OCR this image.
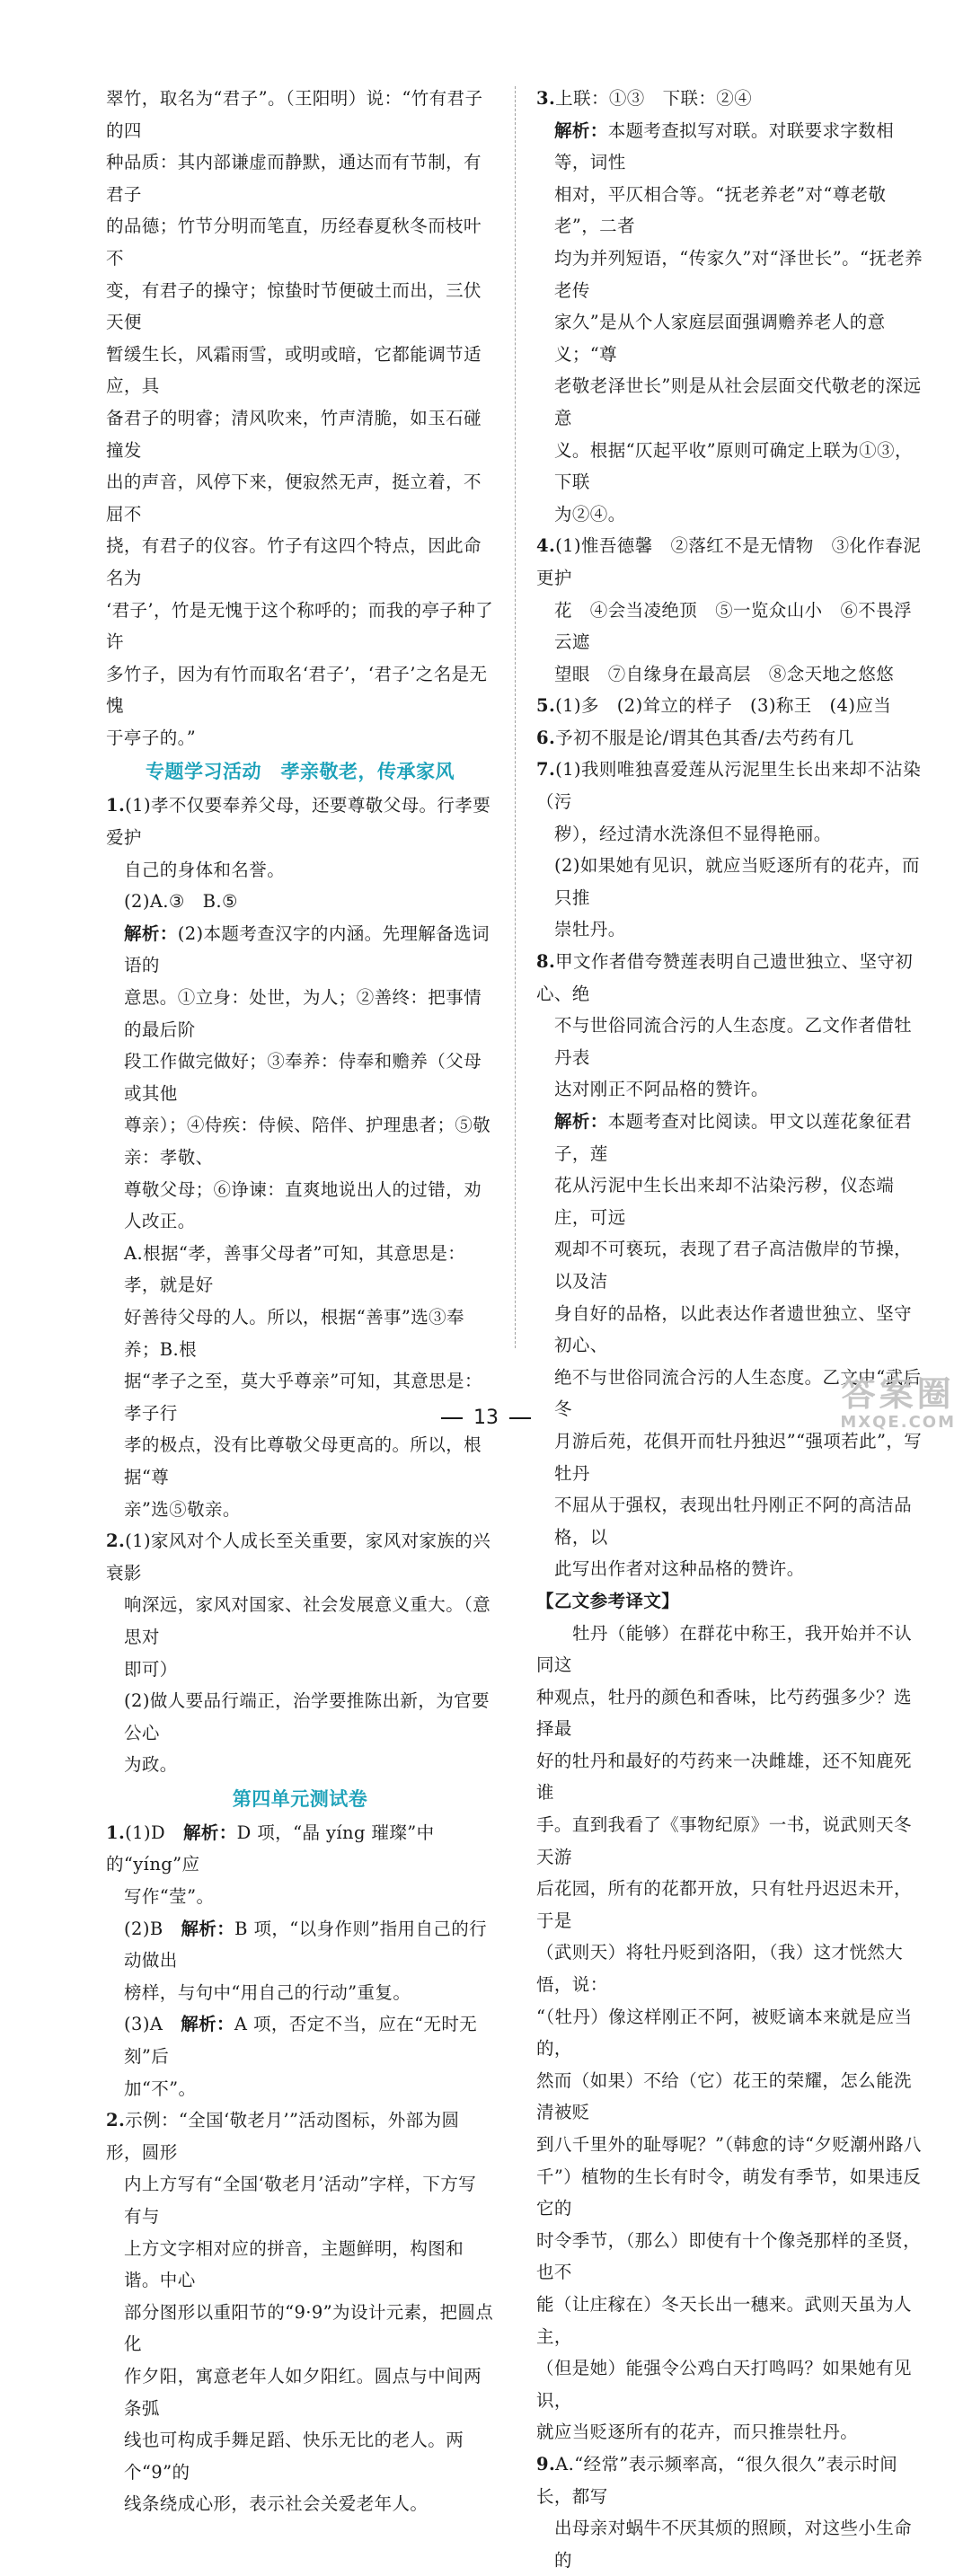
翠竹，取名为“君子”。（王阳明）说：“竹有君子的四

种品质：其内部谦虚而静默，通达而有节制，有君子

的品德；竹节分明而笔直，历经春夏秋冬而枝叶不

变，有君子的操守；惊蛰时节便破土而出，三伏天便

暂缓生长，风霜雨雪，或明或暗，它都能调节适应，具

备君子的明睿；清风吹来，竹声清脆，如玉石碰撞发

出的声音，风停下来，便寂然无声，挺立着，不屈不

挠，有君子的仪容。竹子有这四个特点，因此命名为

‘君子’，竹是无愧于这个称呼的；而我的亭子种了许

多竹子，因为有竹而取名‘君子’，‘君子’之名是无愧

于亭子的。”

专题学习活动　孝亲敬老，传承家风

1.(1)孝不仅要奉养父母，还要尊敬父母。行孝要爱护

自己的身体和名誉。

(2)A.③　B.⑤

解析：(2)本题考查汉字的内涵。先理解备选词语的

意思。①立身：处世，为人；②善终：把事情的最后阶

段工作做完做好；③奉养：侍奉和赡养（父母或其他

尊亲）；④侍疾：侍候、陪伴、护理患者；⑤敬亲：孝敬、

尊敬父母；⑥诤谏：直爽地说出人的过错，劝人改正。

A.根据“孝，善事父母者”可知，其意思是：孝，就是好

好善待父母的人。所以，根据“善事”选③奉养；B.根

据“孝子之至，莫大乎尊亲”可知，其意思是：孝子行

孝的极点，没有比尊敬父母更高的。所以，根据“尊

亲”选⑤敬亲。

2.(1)家风对个人成长至关重要，家风对家族的兴衰影

响深远，家风对国家、社会发展意义重大。（意思对

即可）

(2)做人要品行端正，治学要推陈出新，为官要公心

为政。

第四单元测试卷

1.(1)D　 解析：D 项，“晶 yíng 璀璨”中的“yíng”应

写作“莹”。

(2)B　 解析：B 项，“以身作则”指用自己的行动做出

榜样，与句中“用自己的行动”重复。

(3)A　 解析：A 项，否定不当，应在“无时无刻”后

加“不”。

2.示例：“全国‘敬老月’”活动图标，外部为圆形，圆形

内上方写有“全国‘敬老月’活动”字样，下方写有与

上方文字相对应的拼音，主题鲜明，构图和谐。中心

部分图形以重阳节的“9·9”为设计元素，把圆点化

作夕阳，寓意老年人如夕阳红。圆点与中间两条弧

线也可构成手舞足蹈、快乐无比的老人。两个“9”的

线条绕成心形，表示社会关爱老年人。

3.上联：①③　下联：②④

解析：本题考查拟写对联。对联要求字数相等，词性

相对，平仄相合等。“抚老养老”对“尊老敬老”，二者

均为并列短语，“传家久”对“泽世长”。“抚老养老传

家久”是从个人家庭层面强调赡养老人的意义；“尊

老敬老泽世长”则是从社会层面交代敬老的深远意

义。根据“仄起平收”原则可确定上联为①③，下联

为②④。

4.(1)惟吾德馨　②落红不是无情物　③化作春泥更护

花　④会当凌绝顶　⑤一览众山小　⑥不畏浮云遮

望眼　⑦自缘身在最高层　⑧念天地之悠悠

5.(1)多　(2)耸立的样子　(3)称王　(4)应当

6.予初不服是论/谓其色其香/去芍药有几

7.(1)我则唯独喜爱莲从污泥里生长出来却不沾染（污

秽），经过清水洗涤但不显得艳丽。

(2)如果她有见识，就应当贬逐所有的花卉，而只推

崇牡丹。

8.甲文作者借夸赞莲表明自己遗世独立、坚守初心、绝

不与世俗同流合污的人生态度。乙文作者借牡丹表

达对刚正不阿品格的赞许。

解析：本题考查对比阅读。甲文以莲花象征君子，莲

花从污泥中生长出来却不沾染污秽，仪态端庄，可远

观却不可亵玩，表现了君子高洁傲岸的节操，以及洁

身自好的品格，以此表达作者遗世独立、坚守初心、

绝不与世俗同流合污的人生态度。乙文中“武后冬

月游后苑，花俱开而牡丹独迟”“强项若此”，写牡丹

不屈从于强权，表现出牡丹刚正不阿的高洁品格，以

此写出作者对这种品格的赞许。

【乙文参考译文】

牡丹（能够）在群花中称王，我开始并不认同这

种观点，牡丹的颜色和香味，比芍药强多少？选择最

好的牡丹和最好的芍药来一决雌雄，还不知鹿死谁

手。直到我看了《事物纪原》一书，说武则天冬天游

后花园，所有的花都开放，只有牡丹迟迟未开，于是

（武则天）将牡丹贬到洛阳，（我）这才恍然大悟，说：

“（牡丹）像这样刚正不阿，被贬谪本来就是应当的，

然而（如果）不给（它）花王的荣耀，怎么能洗清被贬

到八千里外的耻辱呢？”（韩愈的诗“夕贬潮州路八

千”）植物的生长有时令，萌发有季节，如果违反它的

时令季节，（那么）即使有十个像尧那样的圣贤，也不

能（让庄稼在）冬天长出一穗来。武则天虽为人主，

（但是她）能强令公鸡白天打鸣吗？如果她有见识，

就应当贬逐所有的花卉，而只推崇牡丹。

9.A.“经常”表示频率高，“很久很久”表示时间长，都写

出母亲对蜗牛不厌其烦的照顾，对这些小生命的

13
答案圈
MXQE.COM
